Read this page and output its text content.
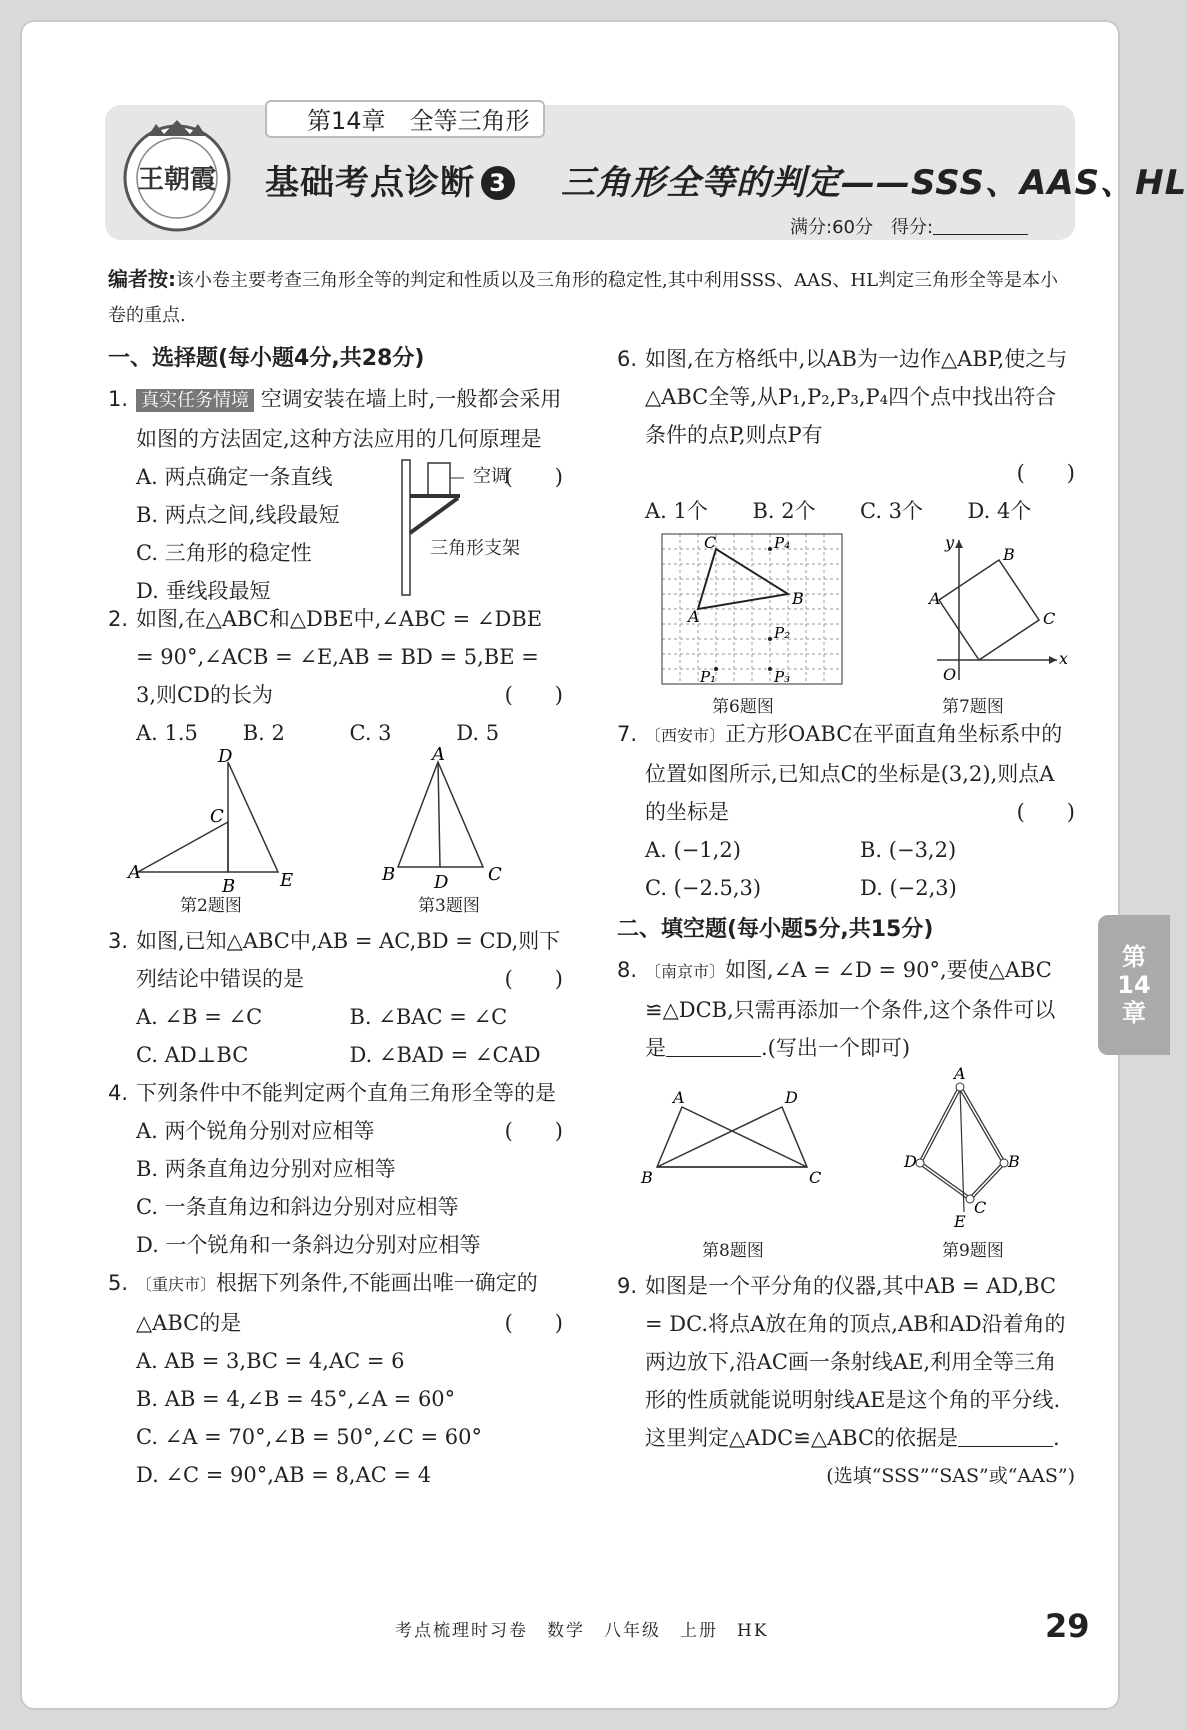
第14章　全等三角形
王朝霞 基础考点诊断 3 三角形全等的判定——SSS、AAS、HL
满分:60分　得分:
编者按:该小卷主要考查三角形全等的判定和性质以及三角形的稳定性,其中利用SSS、AAS、HL判定三角形全等是本小卷的重点.
一、选择题(每小题4分,共28分)
1. 真实任务情境 空调安装在墙上时,一般都会采用如图的方法固定,这种方法应用的几何原理是
(　　)
A. 两点确定一条直线
B. 两点之间,线段最短
C. 三角形的稳定性
D. 垂线段最短
空调
三角形支架
2. 如图,在△ABC和△DBE中,∠ABC = ∠DBE = 90°,∠ACB = ∠E,AB = BD = 5,BE = 3,则CD的长为	(　　)
A. 1.5	B. 2	C. 3	D. 5
D
C
A
B E
第2题图
A
B D C
第3题图
3. 如图,已知△ABC中,AB = AC,BD = CD,则下列结论中错误的是	(　　)
A. ∠B = ∠C	B. ∠BAC = ∠C
C. AD⊥BC	D. ∠BAD = ∠CAD
4. 下列条件中不能判定两个直角三角形全等的是
(　　)
A. 两个锐角分别对应相等
B. 两条直角边分别对应相等
C. 一条直角边和斜边分别对应相等
D. 一个锐角和一条斜边分别对应相等
5. 〔重庆市〕根据下列条件,不能画出唯一确定的△ABC的是	(　　)
A. AB = 3,BC = 4,AC = 6
B. AB = 4,∠B = 45°,∠A = 60°
C. ∠A = 70°,∠B = 50°,∠C = 60°
D. ∠C = 90°,AB = 8,AC = 4
6. 如图,在方格纸中,以AB为一边作△ABP,使之与△ABC全等,从P₁,P₂,P₃,P₄四个点中找出符合条件的点P,则点P有
(　　)
A. 1个	B. 2个	C. 3个	D. 4个
C
A
B
P₄
P₂
P₁	P₃
第6题图
y
x
O
A
B
C
第7题图
7. 〔西安市〕正方形OABC在平面直角坐标系中的位置如图所示,已知点C的坐标是(3,2),则点A的坐标是	(　　)
A. (−1,2)	B. (−3,2)
C. (−2.5,3)	D. (−2,3)
二、填空题(每小题5分,共15分)
8. 〔南京市〕如图,∠A = ∠D = 90°,要使△ABC ≌△DCB,只需再添加一个条件,这个条件可以是	.(写出一个即可)
A	D
B	C
第8题图
A
D	B
C
E
第9题图
9. 如图是一个平分角的仪器,其中AB = AD,BC = DC.将点A放在角的顶点,AB和AD沿着角的两边放下,沿AC画一条射线AE,利用全等三角形的性质就能说明射线AE是这个角的平分线.这里判定△ADC≌△ABC的依据是	.
(选填“SSS”“SAS”或“AAS”)
第
14
章
考点梳理时习卷　数学　八年级　上册　HK	29
